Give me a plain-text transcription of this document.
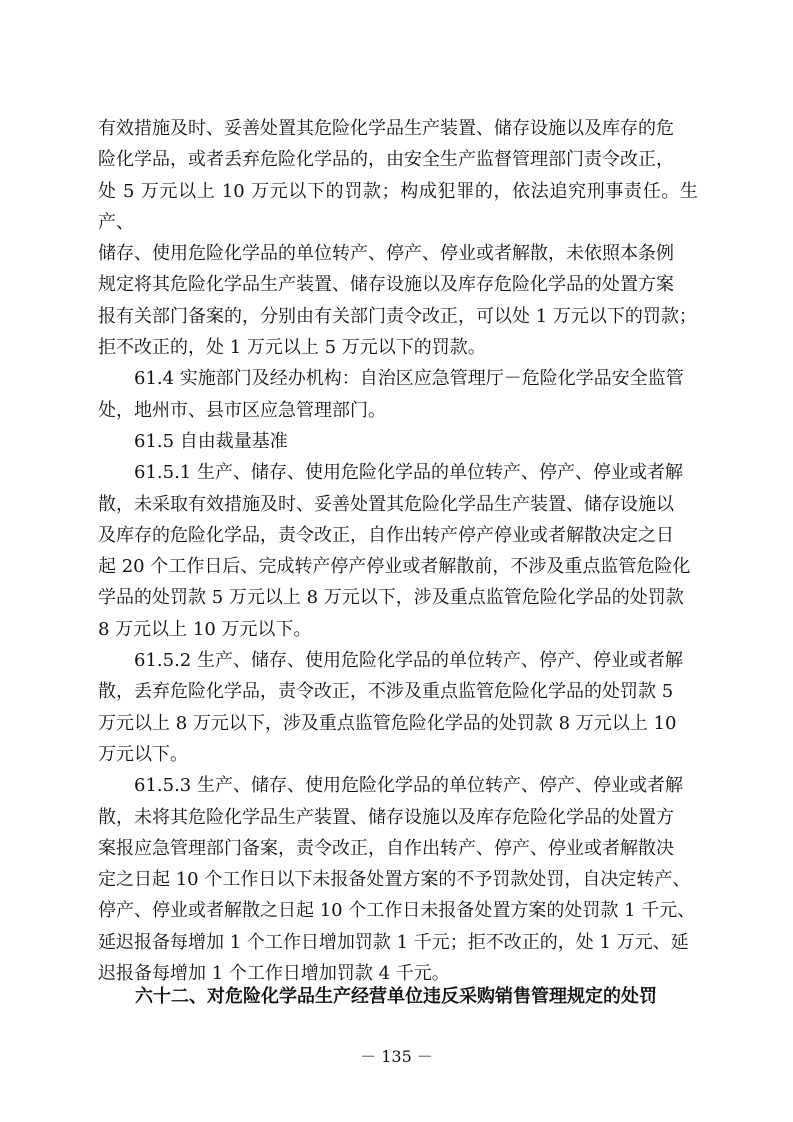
有效措施及时、妥善处置其危险化学品生产装置、储存设施以及库存的危
险化学品，或者丢弃危险化学品的，由安全生产监督管理部门责令改正，
处 5 万元以上 10 万元以下的罚款；构成犯罪的，依法追究刑事责任。生产、
储存、使用危险化学品的单位转产、停产、停业或者解散，未依照本条例
规定将其危险化学品生产装置、储存设施以及库存危险化学品的处置方案
报有关部门备案的，分别由有关部门责令改正，可以处 1 万元以下的罚款；
拒不改正的，处 1 万元以上 5 万元以下的罚款。

　　61.4 实施部门及经办机构：自治区应急管理厅－危险化学品安全监管
处，地州市、县市区应急管理部门。

　　61.5 自由裁量基准

　　61.5.1 生产、储存、使用危险化学品的单位转产、停产、停业或者解
散，未采取有效措施及时、妥善处置其危险化学品生产装置、储存设施以
及库存的危险化学品，责令改正，自作出转产停产停业或者解散决定之日
起 20 个工作日后、完成转产停产停业或者解散前，不涉及重点监管危险化
学品的处罚款 5 万元以上 8 万元以下，涉及重点监管危险化学品的处罚款
8 万元以上 10 万元以下。

　　61.5.2 生产、储存、使用危险化学品的单位转产、停产、停业或者解
散，丢弃危险化学品，责令改正，不涉及重点监管危险化学品的处罚款 5
万元以上 8 万元以下，涉及重点监管危险化学品的处罚款 8 万元以上 10
万元以下。

　　61.5.3 生产、储存、使用危险化学品的单位转产、停产、停业或者解
散，未将其危险化学品生产装置、储存设施以及库存危险化学品的处置方
案报应急管理部门备案，责令改正，自作出转产、停产、停业或者解散决
定之日起 10 个工作日以下未报备处置方案的不予罚款处罚，自决定转产、
停产、停业或者解散之日起 10 个工作日未报备处置方案的处罚款 1 千元、
延迟报备每增加 1 个工作日增加罚款 1 千元；拒不改正的，处 1 万元、延
迟报备每增加 1 个工作日增加罚款 4 千元。

六十二、对危险化学品生产经营单位违反采购销售管理规定的处罚
－ 135 －
